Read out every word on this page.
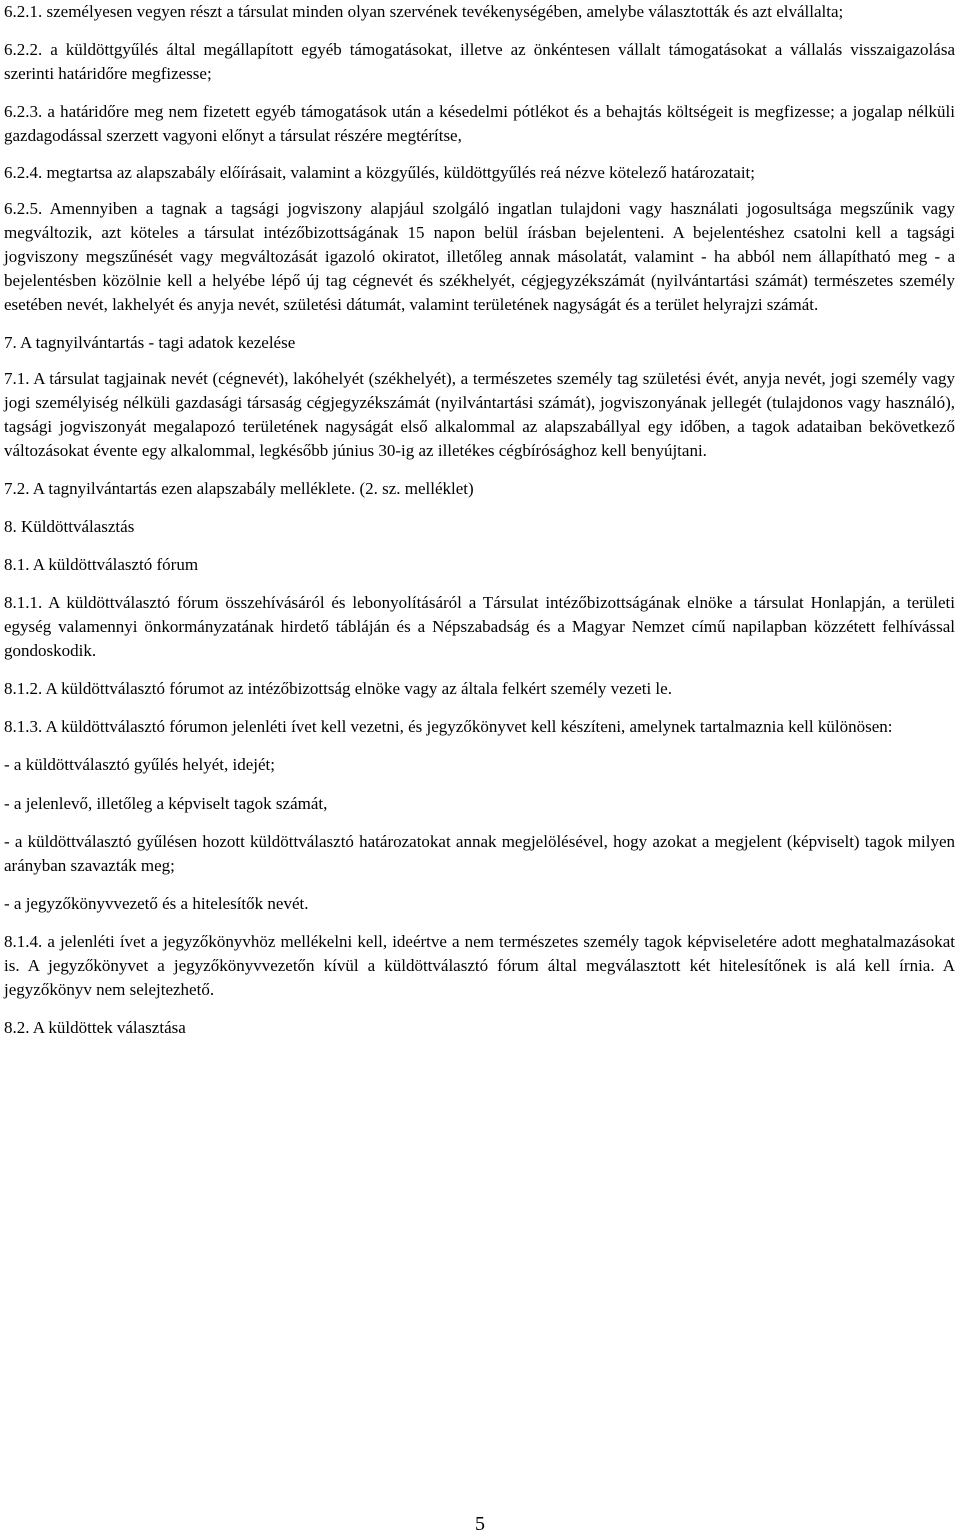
6.2.1. személyesen vegyen részt a társulat minden olyan szervének tevékenységében, amelybe választották és azt elvállalta;

6.2.2. a küldöttgyűlés által megállapított egyéb támogatásokat, illetve az önkéntesen vállalt támogatásokat a vállalás visszaigazolása szerinti határidőre megfizesse;

6.2.3. a határidőre meg nem fizetett egyéb támogatások után a késedelmi pótlékot és a behajtás költségeit is megfizesse; a jogalap nélküli gazdagodással szerzett vagyoni előnyt a társulat részére megtérítse,

6.2.4. megtartsa az alapszabály előírásait, valamint a közgyűlés, küldöttgyűlés reá nézve kötelező határozatait;

6.2.5. Amennyiben a tagnak a tagsági jogviszony alapjául szolgáló ingatlan tulajdoni vagy használati jogosultsága megszűnik vagy megváltozik, azt köteles a társulat intézőbizottságának 15 napon belül írásban bejelenteni. A bejelentéshez csatolni kell a tagsági jogviszony megszűnését vagy megváltozását igazoló okiratot, illetőleg annak másolatát, valamint - ha abból nem állapítható meg - a bejelentésben közölnie kell a helyébe lépő új tag cégnevét és székhelyét, cégjegyzékszámát (nyilvántartási számát) természetes személy esetében nevét, lakhelyét és anyja nevét, születési dátumát, valamint területének nagyságát és a terület helyrajzi számát.

7. A tagnyilvántartás - tagi adatok kezelése

7.1. A társulat tagjainak nevét (cégnevét), lakóhelyét (székhelyét), a természetes személy tag születési évét, anyja nevét, jogi személy vagy jogi személyiség nélküli gazdasági társaság cégjegyzékszámát (nyilvántartási számát), jogviszonyának jellegét (tulajdonos vagy használó), tagsági jogviszonyát megalapozó területének nagyságát első alkalommal az alapszabállyal egy időben, a tagok adataiban bekövetkező változásokat évente egy alkalommal, legkésőbb június 30-ig az illetékes cégbírósághoz kell benyújtani.

7.2. A tagnyilvántartás ezen alapszabály melléklete. (2. sz. melléklet)

8. Küldöttválasztás

8.1. A küldöttválasztó fórum

8.1.1. A küldöttválasztó fórum összehívásáról és lebonyolításáról a Társulat intézőbizottságának elnöke a társulat Honlapján, a területi egység valamennyi önkormányzatának hirdető tábláján és a Népszabadság és a Magyar Nemzet című napilapban közzétett felhívással gondoskodik.

8.1.2. A küldöttválasztó fórumot az intézőbizottság elnöke vagy az általa felkért személy vezeti le.

8.1.3. A küldöttválasztó fórumon jelenléti ívet kell vezetni, és jegyzőkönyvet kell készíteni, amelynek tartalmaznia kell különösen:

- a küldöttválasztó gyűlés helyét, idejét;

- a jelenlevő, illetőleg a képviselt tagok számát,

- a küldöttválasztó gyűlésen hozott küldöttválasztó határozatokat annak megjelölésével, hogy azokat a megjelent (képviselt) tagok milyen arányban szavazták meg;

- a jegyzőkönyvvezető és a hitelesítők nevét.

8.1.4. a jelenléti ívet a jegyzőkönyvhöz mellékelni kell, ideértve a nem természetes személy tagok képviseletére adott meghatalmazásokat is. A jegyzőkönyvet a jegyzőkönyvvezetőn kívül a küldöttválasztó fórum által megválasztott két hitelesítőnek is alá kell írnia. A jegyzőkönyv nem selejtezhető.

8.2. A küldöttek választása

5
